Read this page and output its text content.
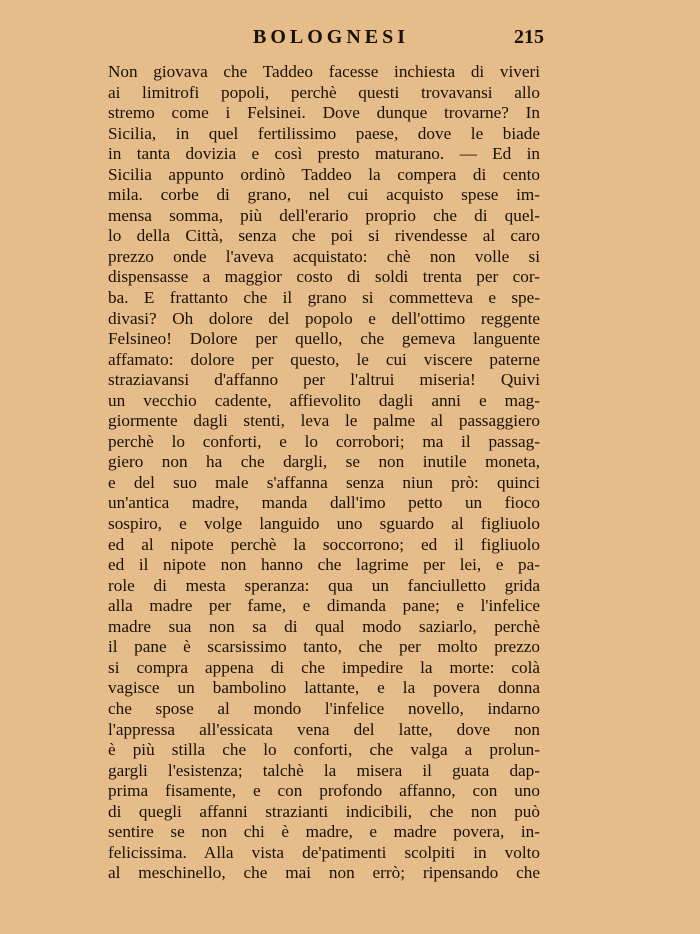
BOLOGNESI	215
Non giovava che Taddeo facesse inchiesta di viveri
ai limitrofi popoli, perchè questi trovavansi allo
stremo come i Felsinei. Dove dunque trovarne? In
Sicilia, in quel fertilissimo paese, dove le biade
in tanta dovizia e così presto maturano. — Ed in
Sicilia appunto ordinò Taddeo la compera di cento
mila. corbe di grano, nel cui acquisto spese im-
mensa somma, più dell'erario proprio che di quel-
lo della Città, senza che poi si rivendesse al caro
prezzo onde l'aveva acquistato: chè non volle si
dispensasse a maggior costo di soldi trenta per cor-
ba. E frattanto che il grano si commetteva e spe-
divasi? Oh dolore del popolo e dell'ottimo reggente
Felsineo! Dolore per quello, che gemeva languente
affamato: dolore per questo, le cui viscere paterne
straziavansi d'affanno per l'altrui miseria! Quivi
un vecchio cadente, affievolito dagli anni e mag-
giormente dagli stenti, leva le palme al passaggiero
perchè lo conforti, e lo corrobori; ma il passag-
giero non ha che dargli, se non inutile moneta,
e del suo male s'affanna senza niun prò: quinci
un'antica madre, manda dall'imo petto un fioco
sospiro, e volge languido uno sguardo al figliuolo
ed al nipote perchè la soccorrono; ed il figliuolo
ed il nipote non hanno che lagrime per lei, e pa-
role di mesta speranza: qua un fanciulletto grida
alla madre per fame, e dimanda pane; e l'infelice
madre sua non sa di qual modo saziarlo, perchè
il pane è scarsissimo tanto, che per molto prezzo
si compra appena di che impedire la morte: colà
vagisce un bambolino lattante, e la povera donna
che spose al mondo l'infelice novello, indarno
l'appressa all'essicata vena del latte, dove non
è più stilla che lo conforti, che valga a prolun-
gargli l'esistenza; talchè la misera il guata dap-
prima fisamente, e con profondo affanno, con uno
di quegli affanni strazianti indicibili, che non può
sentire se non chi è madre, e madre povera, in-
felicissima. Alla vista de'patimenti scolpiti in volto
al meschinello, che mai non errò; ripensando che
